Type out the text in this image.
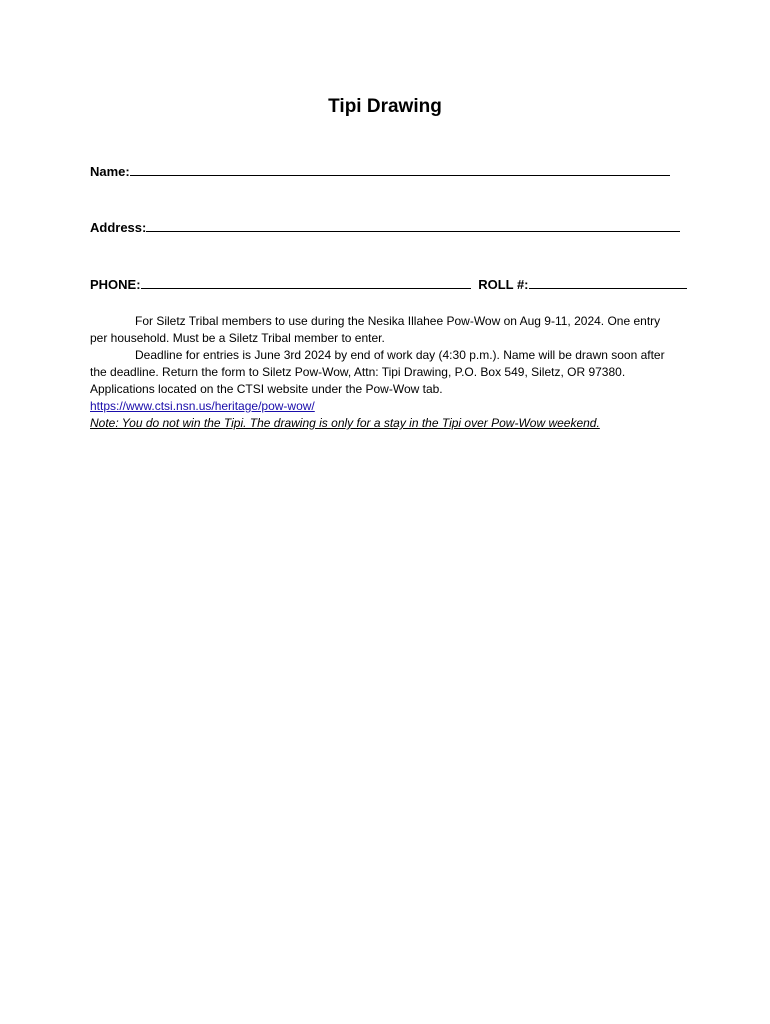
Tipi Drawing
Name:
Address:
PHONE:	ROLL #:

For Siletz Tribal members to use during the Nesika Illahee Pow-Wow on Aug 9-11, 2024. One entry per household. Must be a Siletz Tribal member to enter.

Deadline for entries is June 3rd 2024 by end of work day (4:30 p.m.). Name will be drawn soon after the deadline. Return the form to Siletz Pow-Wow, Attn: Tipi Drawing, P.O. Box 549, Siletz, OR 97380. Applications located on the CTSI website under the Pow-Wow tab.

https://www.ctsi.nsn.us/heritage/pow-wow/
Note: You do not win the Tipi. The drawing is only for a stay in the Tipi over Pow-Wow weekend.
